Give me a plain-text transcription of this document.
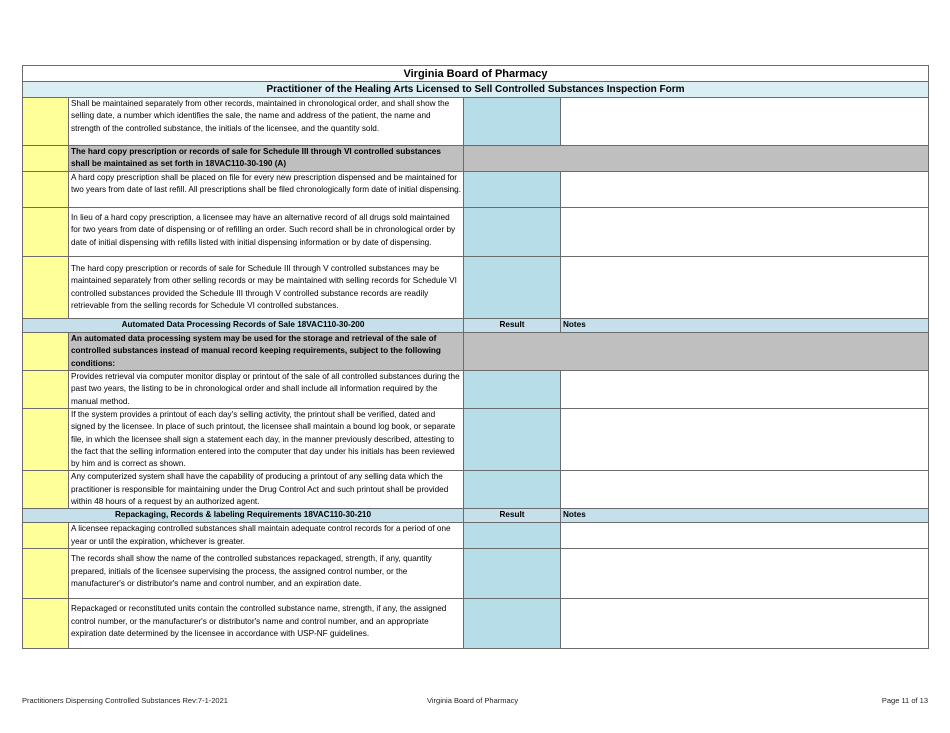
Virginia Board of Pharmacy			
Practitioner of the Healing Arts Licensed to Sell Controlled Substances Inspection Form			
	Shall be maintained separately from other records, maintained in chronological order, and shall show the selling date, a number which identifies the sale, the name and address of the patient, the name and strength of the controlled substance, the initials of the licensee, and the quantity sold.		
	The hard copy prescription or records of sale for Schedule III through VI controlled substances shall be maintained as set forth in 18VAC110-30-190 (A)		
	A hard copy prescription shall be placed on file for every new prescription dispensed and be maintained for two years from date of last refill. All prescriptions shall be filed chronologically form date of initial dispensing.		
	In lieu of a hard copy prescription, a licensee may have an alternative record of all drugs sold maintained for two years from date of dispensing or of refilling an order. Such record shall be in chronological order by date of initial dispensing with refills listed with initial dispensing information or by date of dispensing.		
	The hard copy prescription or records of sale for Schedule III through V controlled substances may be maintained separately from other selling records or may be maintained with selling records for Schedule VI controlled substances provided the Schedule III through V controlled substance records are readily retrievable from the selling records for Schedule VI controlled substances.		
Automated Data Processing Records of Sale 18VAC110-30-200		Result	Notes
	An automated data processing system may be used for the storage and retrieval of the sale of controlled substances instead of manual record keeping requirements, subject to the following conditions:		
	Provides retrieval via computer monitor display or printout of the sale of all controlled substances during the past two years, the listing to be in chronological order and shall include all information required by the manual method.		
	If the system provides a printout of each day's selling activity, the printout shall be verified, dated and signed by the licensee. In place of such printout, the licensee shall maintain a bound log book, or separate file, in which the licensee shall sign a statement each day, in the manner previously described, attesting to the fact that the selling information entered into the computer that day under his initials has been reviewed by him and is correct as shown.		
	Any computerized system shall have the capability of producing a printout of any selling data which the practitioner is responsible for maintaining under the Drug Control Act and such printout shall be provided within 48 hours of a request by an authorized agent.		
Repackaging, Records & labeling Requirements 18VAC110-30-210		Result	Notes
	A licensee repackaging controlled substances shall maintain adequate control records for a period of one year or until the expiration, whichever is greater.		
	The records shall show the name of the controlled substances repackaged, strength, if any, quantity prepared, initials of the licensee supervising the process, the assigned control number, or the manufacturer's or distributor's name and control number, and an expiration date.		
	Repackaged or reconstituted units contain the controlled substance name, strength, if any, the assigned control number, or the manufacturer's or distributor's name and control number, and an appropriate expiration date determined by the licensee in accordance with USP-NF guidelines.		
Practitioners Dispensing Controlled Substances Rev:7-1-2021	Virginia Board of Pharmacy	Page 11 of 13
